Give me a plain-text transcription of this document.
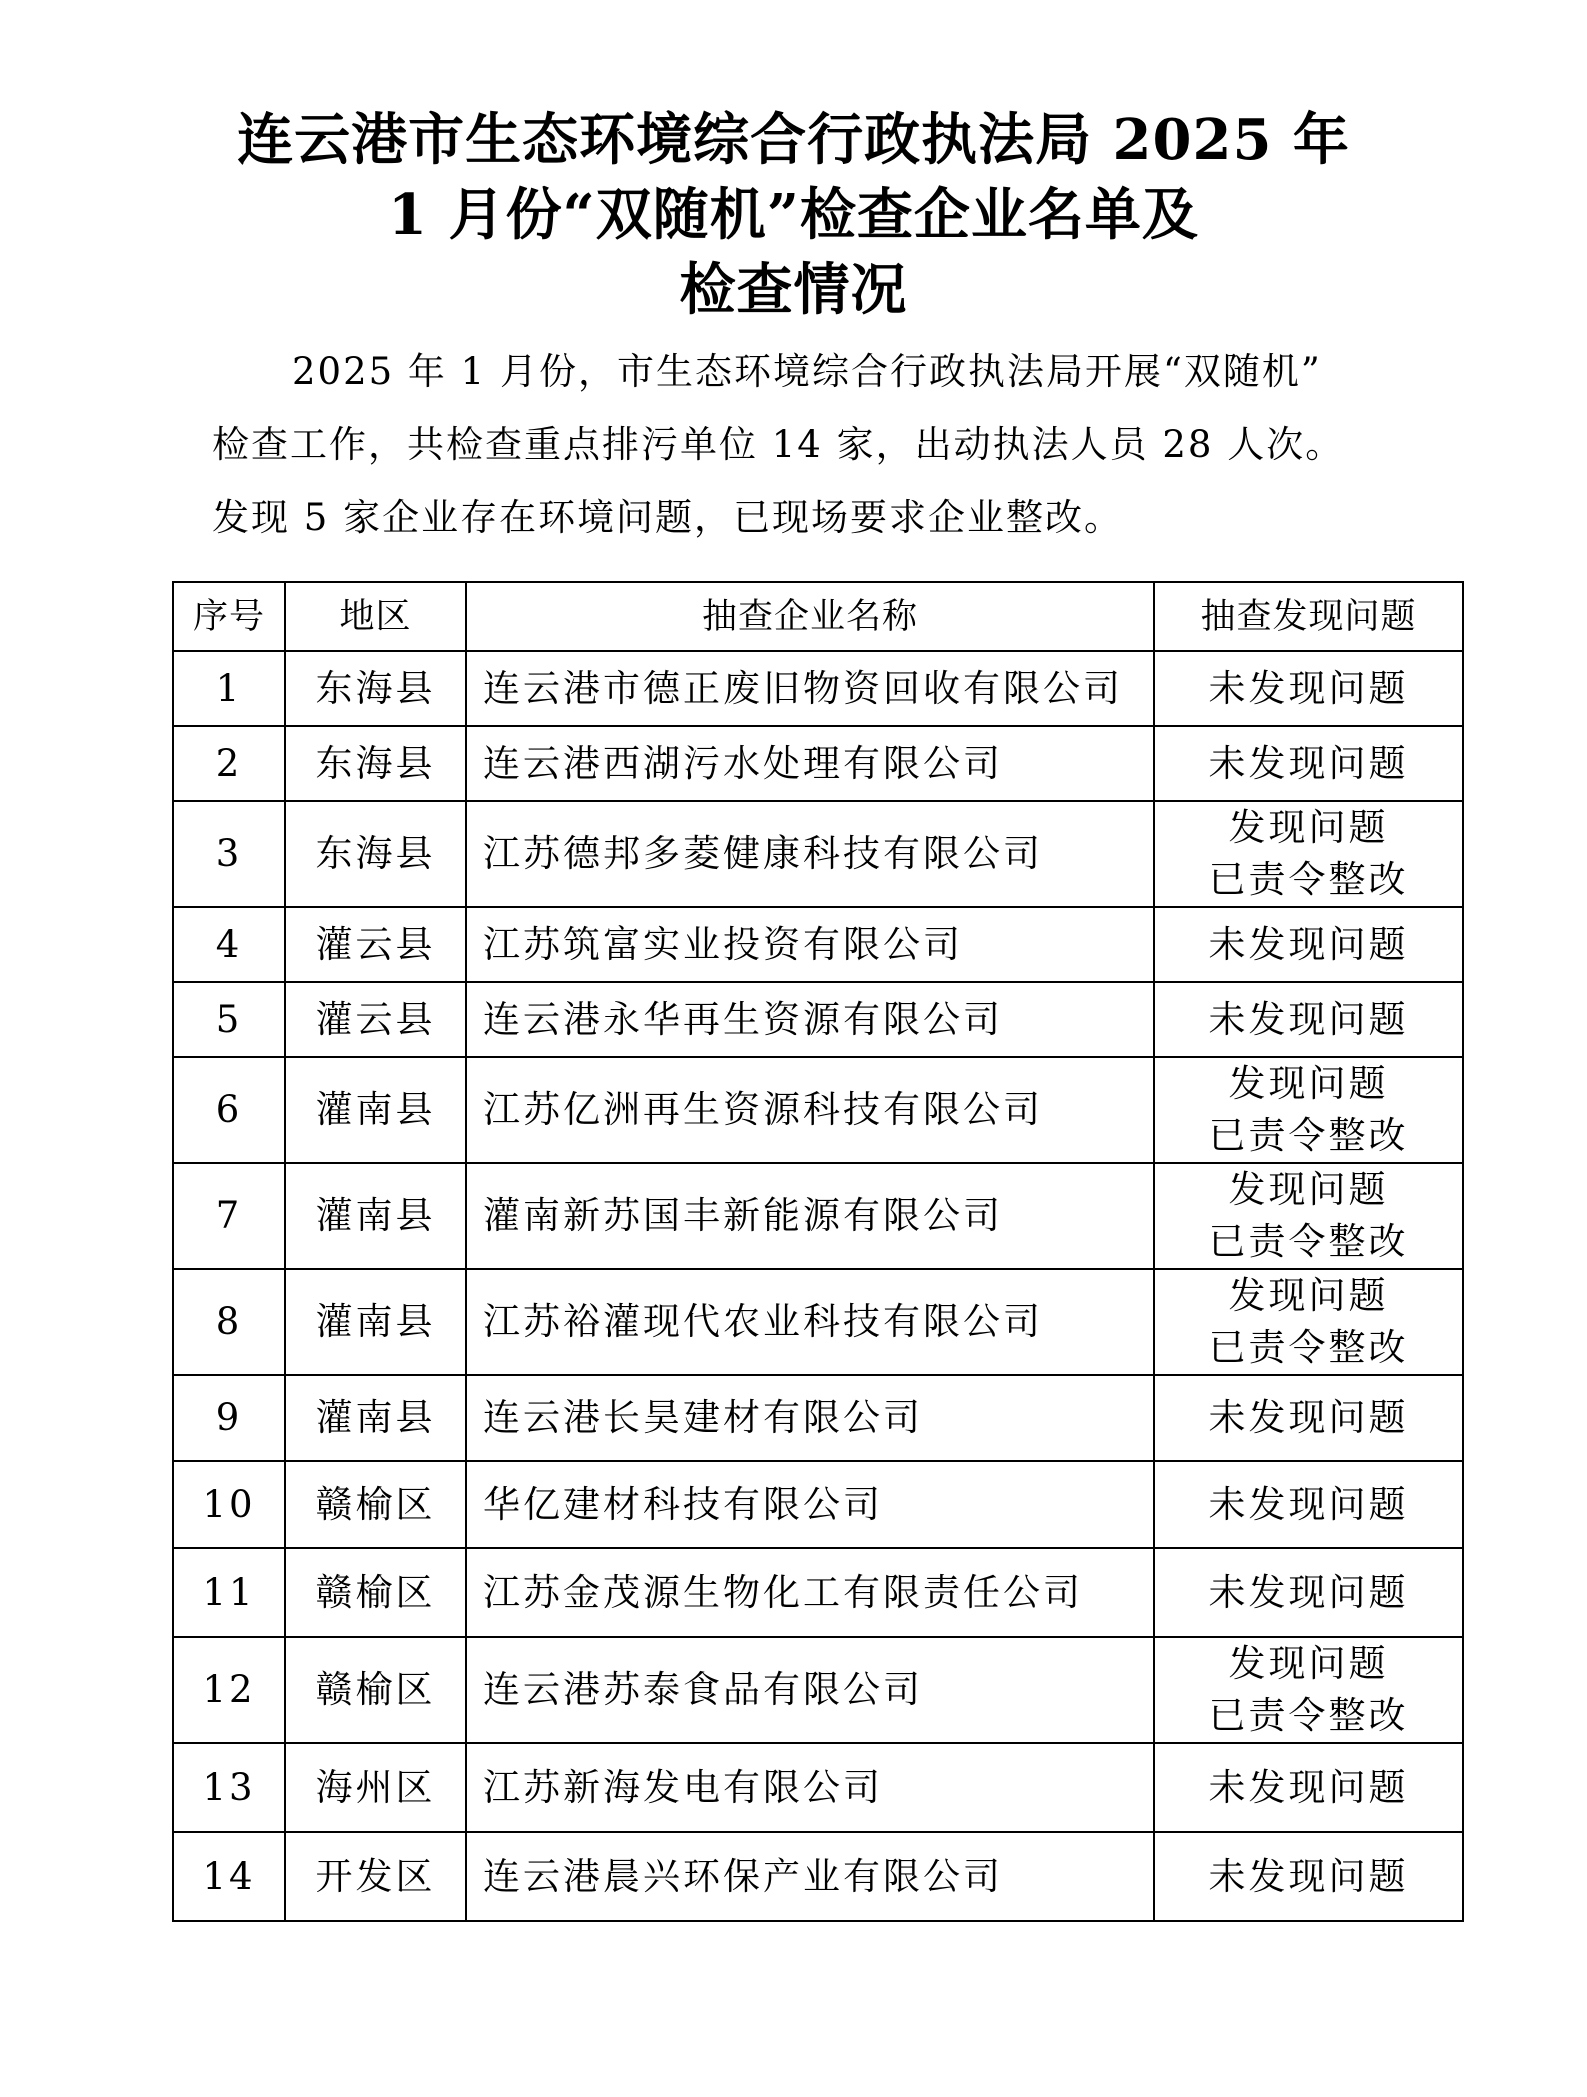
连云港市生态环境综合行政执法局 2025 年
1 月份“双随机”检查企业名单及
检查情况
2025 年 1 月份，市生态环境综合行政执法局开展“双随机”
检查工作，共检查重点排污单位 14 家，出动执法人员 28 人次。
发现 5 家企业存在环境问题，已现场要求企业整改。
序号	地区	抽查企业名称	抽查发现问题
1	东海县	连云港市德正废旧物资回收有限公司	未发现问题

2	东海县	连云港西湖污水处理有限公司	未发现问题

3	东海县	江苏德邦多菱健康科技有限公司	发现问题
已责令整改

4	灌云县	江苏筑富实业投资有限公司	未发现问题

5	灌云县	连云港永华再生资源有限公司	未发现问题

6	灌南县	江苏亿洲再生资源科技有限公司	发现问题
已责令整改

7	灌南县	灌南新苏国丰新能源有限公司	发现问题
已责令整改

8	灌南县	江苏裕灌现代农业科技有限公司	发现问题
已责令整改

9	灌南县	连云港长昊建材有限公司	未发现问题

10	赣榆区	华亿建材科技有限公司	未发现问题

11	赣榆区	江苏金茂源生物化工有限责任公司	未发现问题

12	赣榆区	连云港苏泰食品有限公司	发现问题
已责令整改

13	海州区	江苏新海发电有限公司	未发现问题

14	开发区	连云港晨兴环保产业有限公司	未发现问题
